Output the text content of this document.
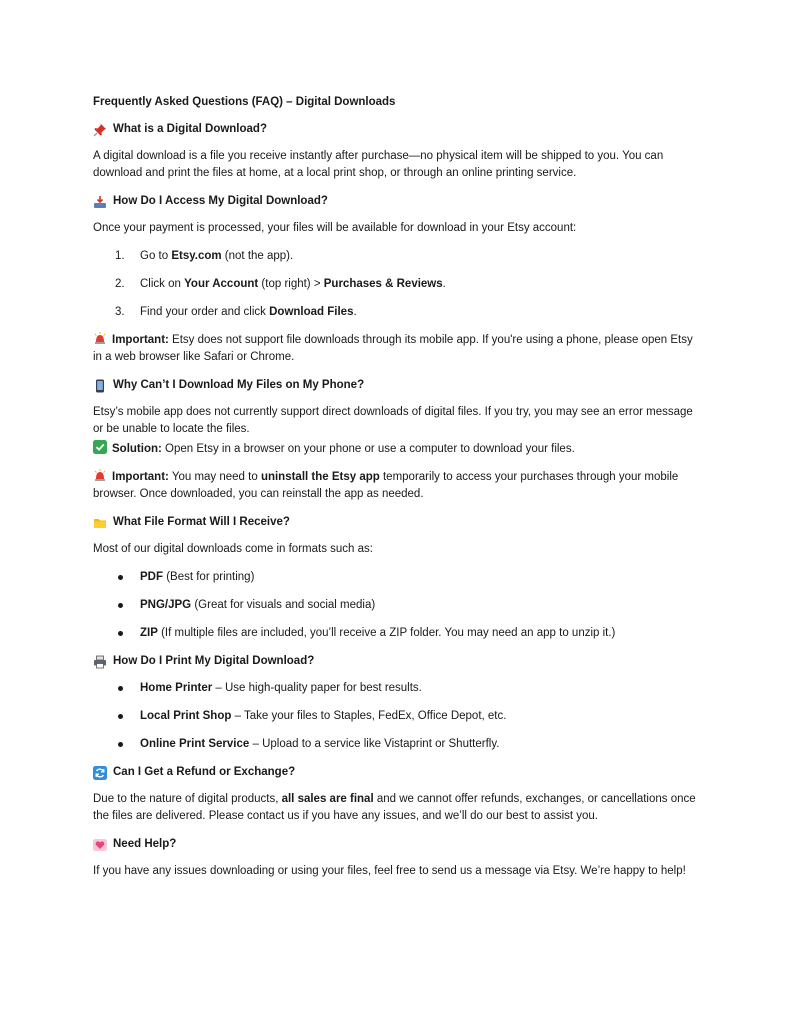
Frequently Asked Questions (FAQ) – Digital Downloads
What is a Digital Download?

A digital download is a file you receive instantly after purchase—no physical item will be shipped to you. You can download and print the files at home, at a local print shop, or through an online printing service.

How Do I Access My Digital Download?

Once your payment is processed, your files will be available for download in your Etsy account:

1. Go to Etsy.com (not the app).
2. Click on Your Account (top right) > Purchases & Reviews.
3. Find your order and click Download Files.

Important: Etsy does not support file downloads through its mobile app. If you're using a phone, please open Etsy in a web browser like Safari or Chrome.

Why Can’t I Download My Files on My Phone?

Etsy’s mobile app does not currently support direct downloads of digital files. If you try, you may see an error message or be unable to locate the files.

Solution: Open Etsy in a browser on your phone or use a computer to download your files.

Important: You may need to uninstall the Etsy app temporarily to access your purchases through your mobile browser. Once downloaded, you can reinstall the app as needed.

What File Format Will I Receive?

Most of our digital downloads come in formats such as:

PDF (Best for printing)
PNG/JPG (Great for visuals and social media)
ZIP (If multiple files are included, you’ll receive a ZIP folder. You may need an app to unzip it.)
How Do I Print My Digital Download?
Home Printer – Use high-quality paper for best results.
Local Print Shop – Take your files to Staples, FedEx, Office Depot, etc.
Online Print Service – Upload to a service like Vistaprint or Shutterfly.
Can I Get a Refund or Exchange?

Due to the nature of digital products, all sales are final and we cannot offer refunds, exchanges, or cancellations once the files are delivered. Please contact us if you have any issues, and we’ll do our best to assist you.

Need Help?

If you have any issues downloading or using your files, feel free to send us a message via Etsy. We’re happy to help!
